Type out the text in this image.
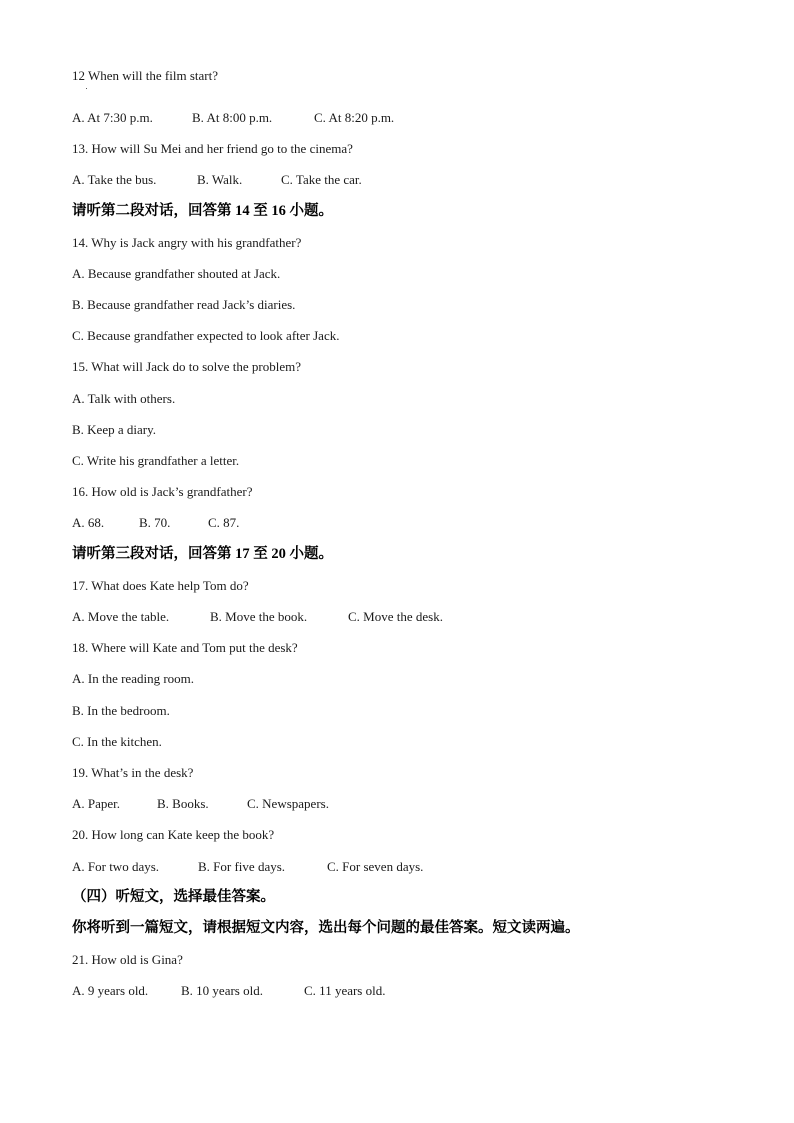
12 When will the film start?
A. At 7:30 p.m.	B. At 8:00 p.m.	C. At 8:20 p.m.
13. How will Su Mei and her friend go to the cinema?
A. Take the bus.	B. Walk.	C. Take the car.
请听第二段对话，回答第 14 至 16 小题。
14. Why is Jack angry with his grandfather?
A. Because grandfather shouted at Jack.
B. Because grandfather read Jack’s diaries.
C. Because grandfather expected to look after Jack.
15. What will Jack do to solve the problem?
A. Talk with others.
B. Keep a diary.
C. Write his grandfather a letter.
16. How old is Jack’s grandfather?
A. 68.	B. 70.	C. 87.
请听第三段对话，回答第 17 至 20 小题。
17. What does Kate help Tom do?
A. Move the table.	B. Move the book.	C. Move the desk.
18. Where will Kate and Tom put the desk?
A. In the reading room.
B. In the bedroom.
C. In the kitchen.
19. What’s in the desk?
A. Paper.	B. Books.	C. Newspapers.
20. How long can Kate keep the book?
A. For two days.	B. For five days.	C. For seven days.
（四）听短文，选择最佳答案。
你将听到一篇短文，请根据短文内容，选出每个问题的最佳答案。短文读两遍。
21. How old is Gina?
A. 9 years old.	B. 10 years old.	C. 11 years old.
